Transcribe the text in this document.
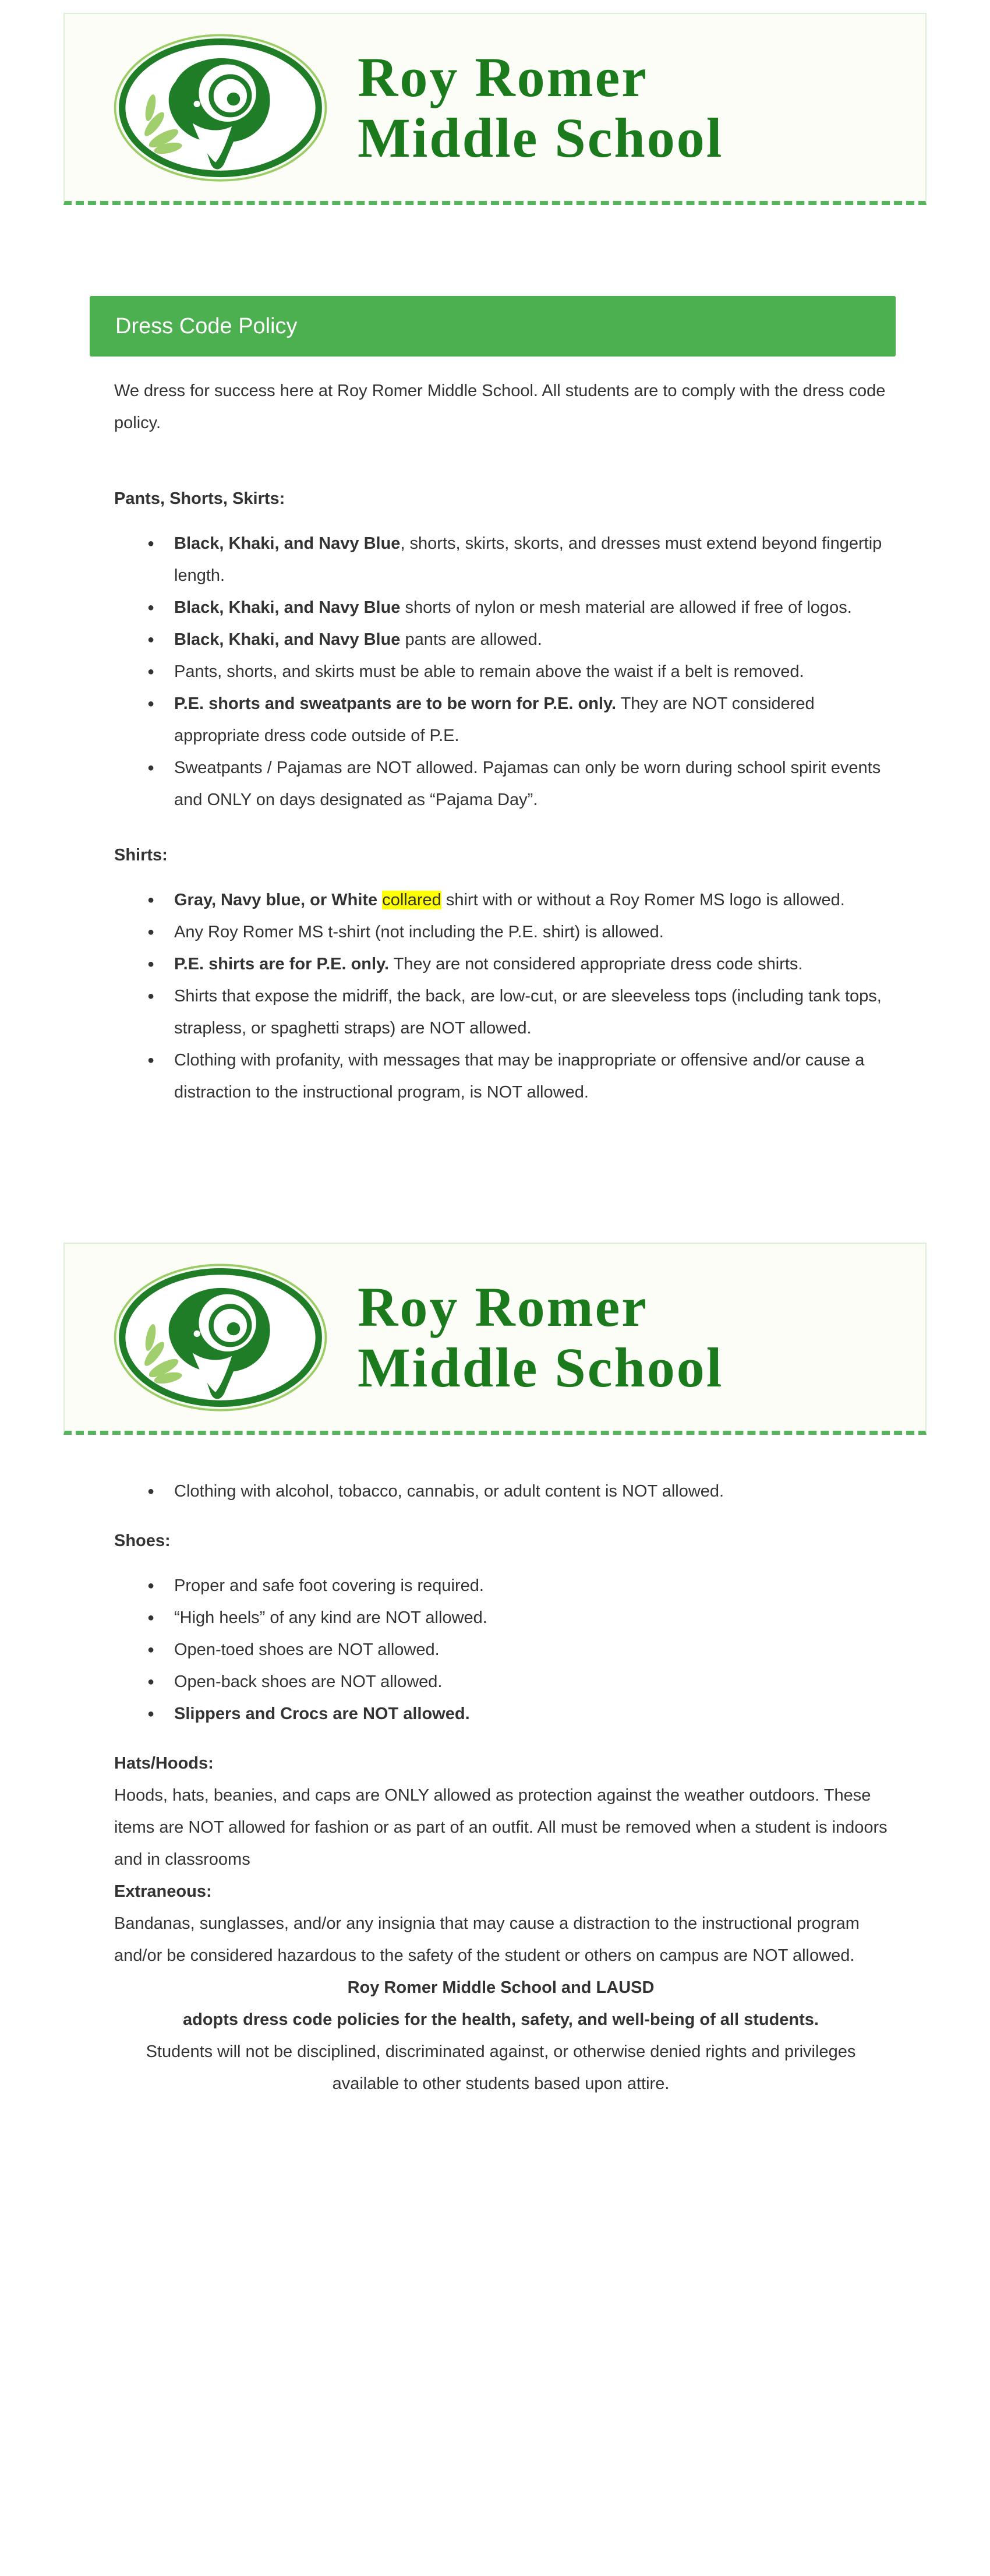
Roy Romer
Middle School
Dress Code Policy

We dress for success here at Roy Romer Middle School. All students are to comply with the dress code policy.

Pants, Shorts, Skirts:
● Black, Khaki, and Navy Blue, shorts, skirts, skorts, and dresses must extend beyond fingertip length.
● Black, Khaki, and Navy Blue shorts of nylon or mesh material are allowed if free of logos.
● Black, Khaki, and Navy Blue pants are allowed.
● Pants, shorts, and skirts must be able to remain above the waist if a belt is removed.
● P.E. shorts and sweatpants are to be worn for P.E. only. They are NOT considered appropriate dress code outside of P.E.
● Sweatpants / Pajamas are NOT allowed. Pajamas can only be worn during school spirit events and ONLY on days designated as “Pajama Day”.
Shirts:
● Gray, Navy blue, or White collared shirt with or without a Roy Romer MS logo is allowed.
● Any Roy Romer MS t-shirt (not including the P.E. shirt) is allowed.
● P.E. shirts are for P.E. only. They are not considered appropriate dress code shirts.
● Shirts that expose the midriff, the back, are low-cut, or are sleeveless tops (including tank tops, strapless, or spaghetti straps) are NOT allowed.
● Clothing with profanity, with messages that may be inappropriate or offensive and/or cause a distraction to the instructional program, is NOT allowed.
Roy Romer
Middle School
● Clothing with alcohol, tobacco, cannabis, or adult content is NOT allowed.
Shoes:
● Proper and safe foot covering is required.
● “High heels” of any kind are NOT allowed.
● Open-toed shoes are NOT allowed.
● Open-back shoes are NOT allowed.
● Slippers and Crocs are NOT allowed.
Hats/Hoods:

Hoods, hats, beanies, and caps are ONLY allowed as protection against the weather outdoors. These items are NOT allowed for fashion or as part of an outfit. All must be removed when a student is indoors and in classrooms

Extraneous:

Bandanas, sunglasses, and/or any insignia that may cause a distraction to the instructional program and/or be considered hazardous to the safety of the student or others on campus are NOT allowed.

Roy Romer Middle School and LAUSD

adopts dress code policies for the health, safety, and well-being of all students.

Students will not be disciplined, discriminated against, or otherwise denied rights and privileges available to other students based upon attire.
